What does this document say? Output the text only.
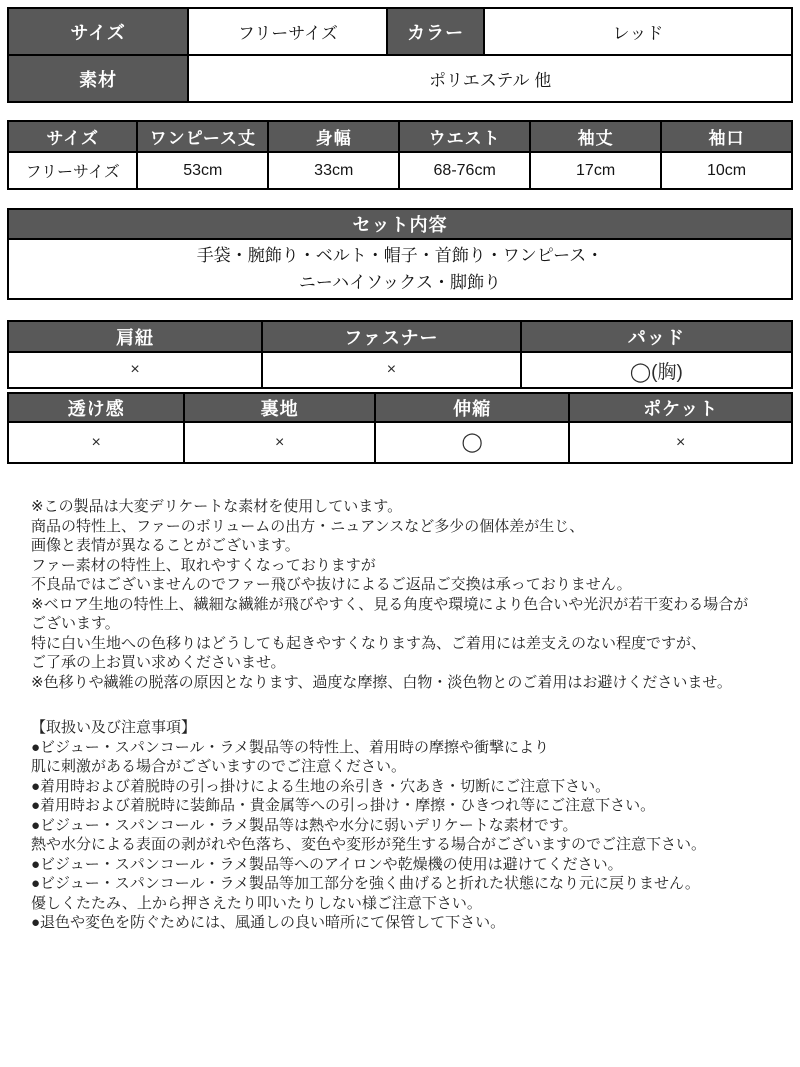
サイズ	フリーサイズ	カラー	レッド
素材	ポリエステル 他		
サイズ	ワンピース丈	身幅	ウエスト	袖丈	袖口
フリーサイズ	53cm	33cm	68-76cm	17cm	10cm
セット内容

手袋・腕飾り・ベルト・帽子・首飾り・ワンピース・
ニーハイソックス・脚飾り
肩紐	ファスナー	パッド
×	×	◯(胸)
透け感	裏地	伸縮	ポケット
×	×	◯	×
※この製品は大変デリケートな素材を使用しています。
商品の特性上、ファーのボリュームの出方・ニュアンスなど多少の個体差が生じ、
画像と表情が異なることがございます。
ファー素材の特性上、取れやすくなっておりますが
不良品ではございませんのでファー飛びや抜けによるご返品ご交換は承っておりません。
※ベロア生地の特性上、繊細な繊維が飛びやすく、見る角度や環境により色合いや光沢が若干変わる場合が
ございます。
特に白い生地への色移りはどうしても起きやすくなります為、ご着用には差支えのない程度ですが、
ご了承の上お買い求めくださいませ。
※色移りや繊維の脱落の原因となります、過度な摩擦、白物・淡色物とのご着用はお避けくださいませ。
【取扱い及び注意事項】
●ビジュー・スパンコール・ラメ製品等の特性上、着用時の摩擦や衝撃により
肌に刺激がある場合がございますのでご注意ください。
●着用時および着脱時の引っ掛けによる生地の糸引き・穴あき・切断にご注意下さい。
●着用時および着脱時に装飾品・貴金属等への引っ掛け・摩擦・ひきつれ等にご注意下さい。
●ビジュー・スパンコール・ラメ製品等は熱や水分に弱いデリケートな素材です。
熱や水分による表面の剥がれや色落ち、変色や変形が発生する場合がございますのでご注意下さい。
●ビジュー・スパンコール・ラメ製品等へのアイロンや乾燥機の使用は避けてください。
●ビジュー・スパンコール・ラメ製品等加工部分を強く曲げると折れた状態になり元に戻りません。
優しくたたみ、上から押さえたり叩いたりしない様ご注意下さい。
●退色や変色を防ぐためには、風通しの良い暗所にて保管して下さい。
